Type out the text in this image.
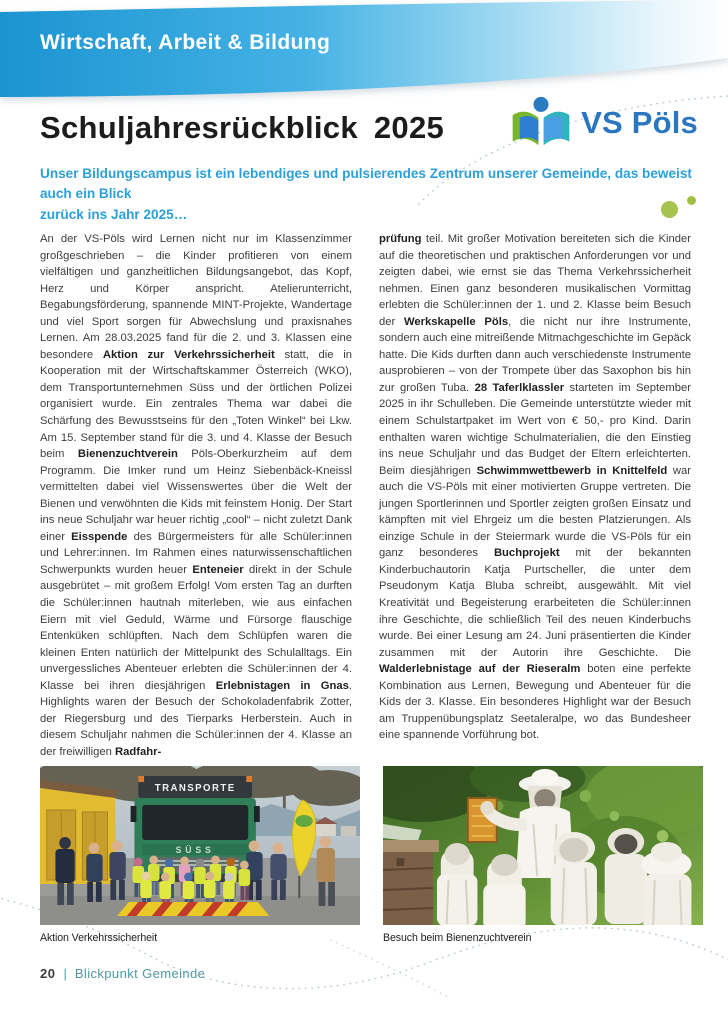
Wirtschaft, Arbeit & Bildung
VS Pöls
Schuljahresrückblick 2025
Unser Bildungscampus ist ein lebendiges und pulsierendes Zentrum unserer Gemeinde, das beweist auch ein Blick
zurück ins Jahr 2025…

An der VS-Pöls wird Lernen nicht nur im Klassenzimmer großgeschrieben – die Kinder profitieren von einem vielfältigen und ganzheitlichen Bildungsangebot, das Kopf, Herz und Körper anspricht. Atelierunterricht, Begabungsförderung, spannende MINT-Projekte, Wandertage und viel Sport sorgen für Abwechslung und praxisnahes Lernen. Am 28.03.2025 fand für die 2. und 3. Klassen eine besondere Aktion zur Verkehrssicherheit statt, die in Kooperation mit der Wirtschaftskammer Österreich (WKO), dem Transportunternehmen Süss und der örtlichen Polizei organisiert wurde. Ein zentrales Thema war dabei die Schärfung des Bewusstseins für den „Toten Winkel“ bei Lkw. Am 15. September stand für die 3. und 4. Klasse der Besuch beim Bienenzuchtverein Pöls-Oberkurzheim auf dem Programm. Die Imker rund um Heinz Siebenbäck-Kneissl vermittelten dabei viel Wissenswertes über die Welt der Bienen und verwöhnten die Kids mit feinstem Honig. Der Start ins neue Schuljahr war heuer richtig „cool“ – nicht zuletzt Dank einer Eisspende des Bürgermeisters für alle Schüler:innen und Lehrer:innen. Im Rahmen eines naturwissenschaftlichen Schwerpunkts wurden heuer Enteneier direkt in der Schule ausgebrütet – mit großem Erfolg! Vom ersten Tag an durften die Schüler:innen hautnah miterleben, wie aus einfachen Eiern mit viel Geduld, Wärme und Fürsorge flauschige Entenküken schlüpften. Nach dem Schlüpfen waren die kleinen Enten natürlich der Mittelpunkt des Schulalltags. Ein unvergessliches Abenteuer erlebten die Schüler:innen der 4. Klasse bei ihren diesjährigen Erlebnistagen in Gnas. Highlights waren der Besuch der Schokoladenfabrik Zotter, der Riegersburg und des Tierparks Herberstein. Auch in diesem Schuljahr nahmen die Schüler:innen der 4. Klasse an der freiwilligen Radfahr-

prüfung teil. Mit großer Motivation bereiteten sich die Kinder auf die theoretischen und praktischen Anforderungen vor und zeigten dabei, wie ernst sie das Thema Verkehrssicherheit nehmen. Einen ganz besonderen musikalischen Vormittag erlebten die Schüler:innen der 1. und 2. Klasse beim Besuch der Werkskapelle Pöls, die nicht nur ihre Instrumente, sondern auch eine mitreißende Mitmachgeschichte im Gepäck hatte. Die Kids durften dann auch verschiedenste Instrumente ausprobieren – von der Trompete über das Saxophon bis hin zur großen Tuba. 28 Taferlklassler starteten im September 2025 in ihr Schulleben. Die Gemeinde unterstützte wieder mit einem Schulstartpaket im Wert von € 50,- pro Kind. Darin enthalten waren wichtige Schulmaterialien, die den Einstieg ins neue Schuljahr und das Budget der Eltern erleichterten. Beim diesjährigen Schwimmwettbewerb in Knittelfeld war auch die VS-Pöls mit einer motivierten Gruppe vertreten. Die jungen Sportlerinnen und Sportler zeigten großen Einsatz und kämpften mit viel Ehrgeiz um die besten Platzierungen. Als einzige Schule in der Steiermark wurde die VS-Pöls für ein ganz besonderes Buchprojekt mit der bekannten Kinderbuchautorin Katja Purtscheller, die unter dem Pseudonym Katja Bluba schreibt, ausgewählt. Mit viel Kreativität und Begeisterung erarbeiteten die Schüler:innen ihre Geschichte, die schließlich Teil des neuen Kinderbuchs wurde. Bei einer Lesung am 24. Juni präsentierten die Kinder zusammen mit der Autorin ihre Geschichte. Die Walderlebnistage auf der Rieseralm boten eine perfekte Kombination aus Lernen, Bewegung und Abenteuer für die Kids der 3. Klasse. Ein besonderes Highlight war der Besuch am Truppenübungsplatz Seetaleralpe, wo das Bundesheer eine spannende Vorführung bot.

TRANSPORTE
SÜSS
Aktion Verkehrssicherheit	Besuch beim Bienenzuchtverein
20 | Blickpunkt Gemeinde
